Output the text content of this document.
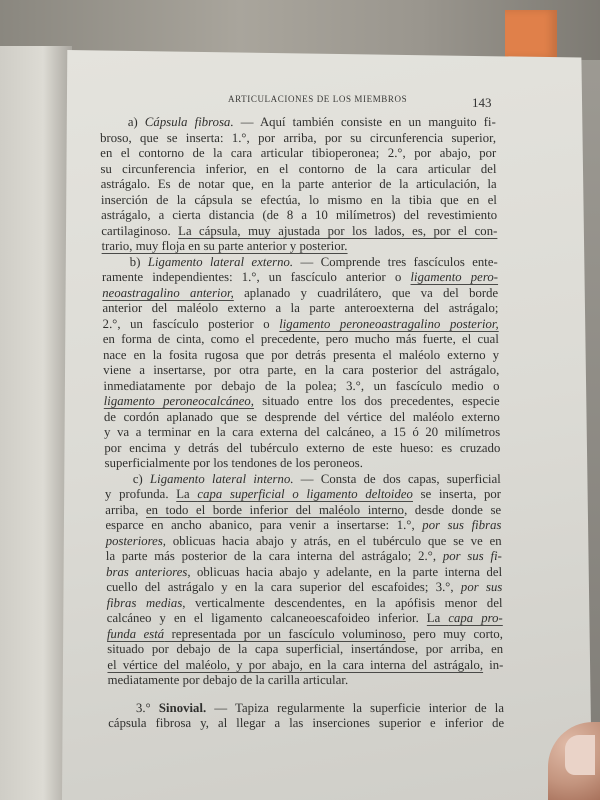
ARTICULACIONES DE LOS MIEMBROS	143
a) Cápsula fibrosa. — Aquí también consiste en un manguito fi-
broso, que se inserta: 1.°, por arriba, por su circunferencia superior,
en el contorno de la cara articular tibioperonea; 2.°, por abajo, por
su circunferencia inferior, en el contorno de la cara articular del
astrágalo. Es de notar que, en la parte anterior de la articulación, la
inserción de la cápsula se efectúa, lo mismo en la tibia que en el
astrágalo, a cierta distancia (de 8 a 10 milímetros) del revestimiento
cartilaginoso. La cápsula, muy ajustada por los lados, es, por el con-
trario, muy floja en su parte anterior y posterior.
b) Ligamento lateral externo. — Comprende tres fascículos ente-
ramente independientes: 1.°, un fascículo anterior o ligamento pero-
neoastragalino anterior, aplanado y cuadrilátero, que va del borde
anterior del maléolo externo a la parte anteroexterna del astrágalo;
2.°, un fascículo posterior o ligamento peroneoastragalino posterior,
en forma de cinta, como el precedente, pero mucho más fuerte, el cual
nace en la fosita rugosa que por detrás presenta el maléolo externo y
viene a insertarse, por otra parte, en la cara posterior del astrágalo,
inmediatamente por debajo de la polea; 3.°, un fascículo medio o
ligamento peroneocalcáneo, situado entre los dos precedentes, especie
de cordón aplanado que se desprende del vértice del maléolo externo
y va a terminar en la cara externa del calcáneo, a 15 ó 20 milímetros
por encima y detrás del tubérculo externo de este hueso: es cruzado
superficialmente por los tendones de los peroneos.
c) Ligamento lateral interno. — Consta de dos capas, superficial
y profunda. La capa superficial o ligamento deltoideo se inserta, por
arriba, en todo el borde inferior del maléolo interno, desde donde se
esparce en ancho abanico, para venir a insertarse: 1.°, por sus fibras
posteriores, oblicuas hacia abajo y atrás, en el tubérculo que se ve en
la parte más posterior de la cara interna del astrágalo; 2.°, por sus fi-
bras anteriores, oblicuas hacia abajo y adelante, en la parte interna del
cuello del astrágalo y en la cara superior del escafoides; 3.°, por sus
fibras medias, verticalmente descendentes, en la apófisis menor del
calcáneo y en el ligamento calcaneoescafoideo inferior. La capa pro-
funda está representada por un fascículo voluminoso, pero muy corto,
situado por debajo de la capa superficial, insertándose, por arriba, en
el vértice del maléolo, y por abajo, en la cara interna del astrágalo, in-
mediatamente por debajo de la carilla articular.
3.° Sinovial. — Tapiza regularmente la superficie interior de la
cápsula fibrosa y, al llegar a las inserciones superior e inferior de
